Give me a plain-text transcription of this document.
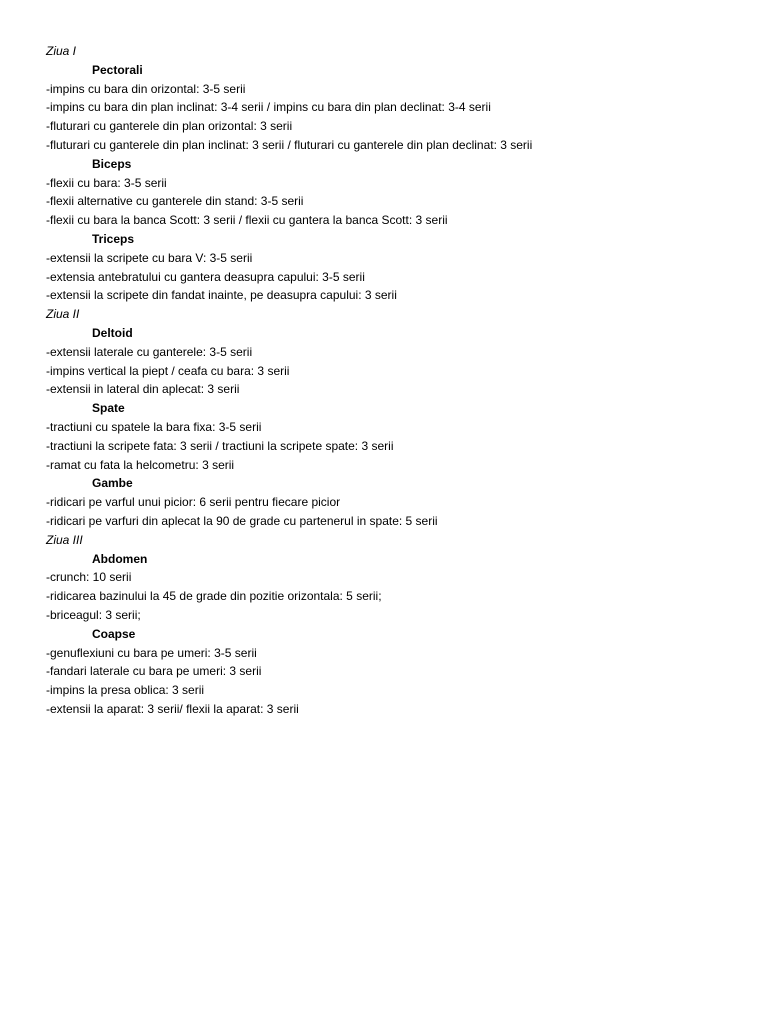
Ziua I
Pectorali
-impins cu bara din orizontal: 3-5 serii
-impins cu bara din plan inclinat: 3-4 serii / impins cu bara din plan declinat: 3-4 serii
-fluturari cu ganterele din plan orizontal: 3 serii
-fluturari cu ganterele din plan inclinat: 3 serii / fluturari cu ganterele din plan declinat: 3 serii
Biceps
-flexii cu bara: 3-5 serii
-flexii alternative cu ganterele din stand: 3-5 serii
-flexii cu bara la banca Scott: 3 serii / flexii cu gantera la banca Scott: 3 serii
Triceps
-extensii la scripete cu bara V: 3-5 serii
-extensia antebratului cu gantera deasupra capului: 3-5 serii
-extensii la scripete din fandat inainte, pe deasupra capului: 3 serii
Ziua II
Deltoid
-extensii laterale cu ganterele: 3-5 serii
-impins vertical la piept / ceafa cu bara: 3 serii
-extensii in lateral din aplecat: 3 serii
Spate
-tractiuni cu spatele la bara fixa: 3-5 serii
-tractiuni la scripete fata: 3 serii / tractiuni la scripete spate: 3 serii
-ramat cu fata la helcometru: 3 serii
Gambe
-ridicari pe varful unui picior: 6 serii pentru fiecare picior
-ridicari pe varfuri din aplecat la 90 de grade cu partenerul in spate: 5 serii
Ziua III
Abdomen
-crunch: 10 serii
-ridicarea bazinului la 45 de grade din pozitie orizontala: 5 serii;
-briceagul: 3 serii;
Coapse
-genuflexiuni cu bara pe umeri: 3-5 serii
-fandari laterale cu bara pe umeri: 3 serii
-impins la presa oblica: 3 serii
-extensii la aparat: 3 serii/ flexii la aparat: 3 serii
